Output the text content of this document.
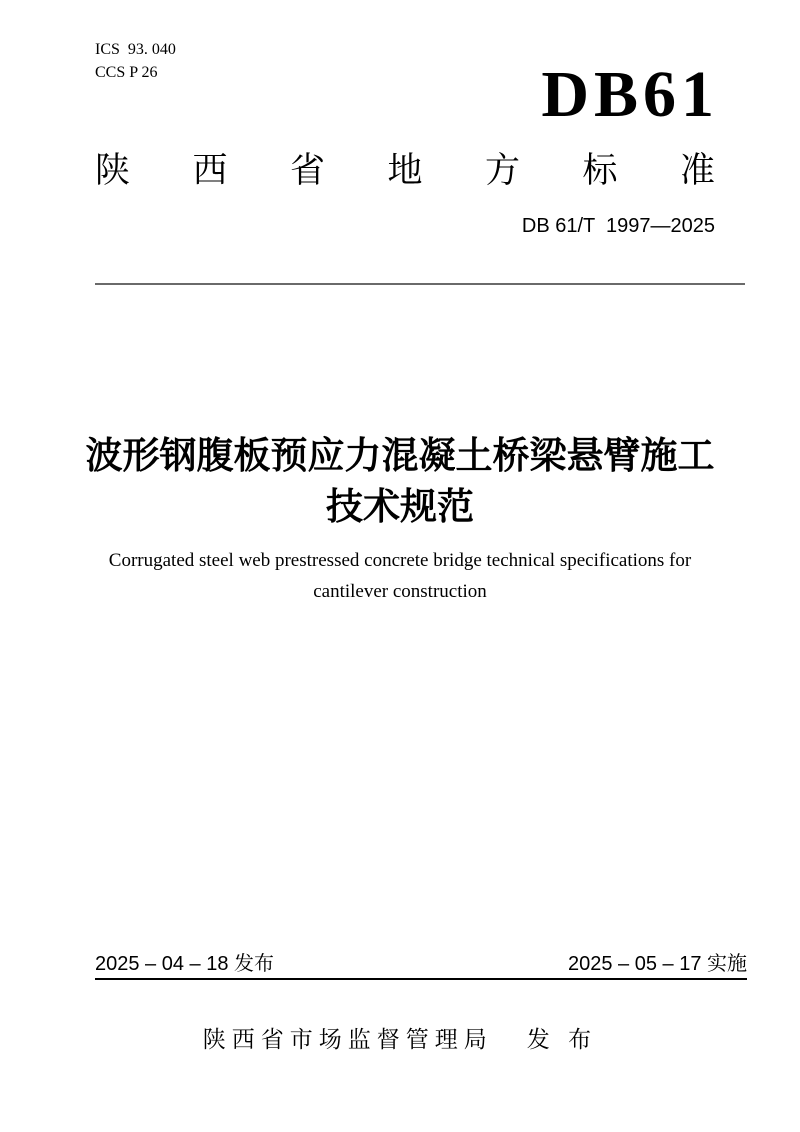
ICS  93. 040
CCS P 26	DB61
陕西省地方标准
DB 61/T  1997—2025
波形钢腹板预应力混凝土桥梁悬臂施工
技术规范
Corrugated steel web prestressed concrete bridge technical specifications for
cantilever construction
2025 – 04 – 18 发布	2025 – 05 – 17 实施
陕西省市场监督管理局 发 布
